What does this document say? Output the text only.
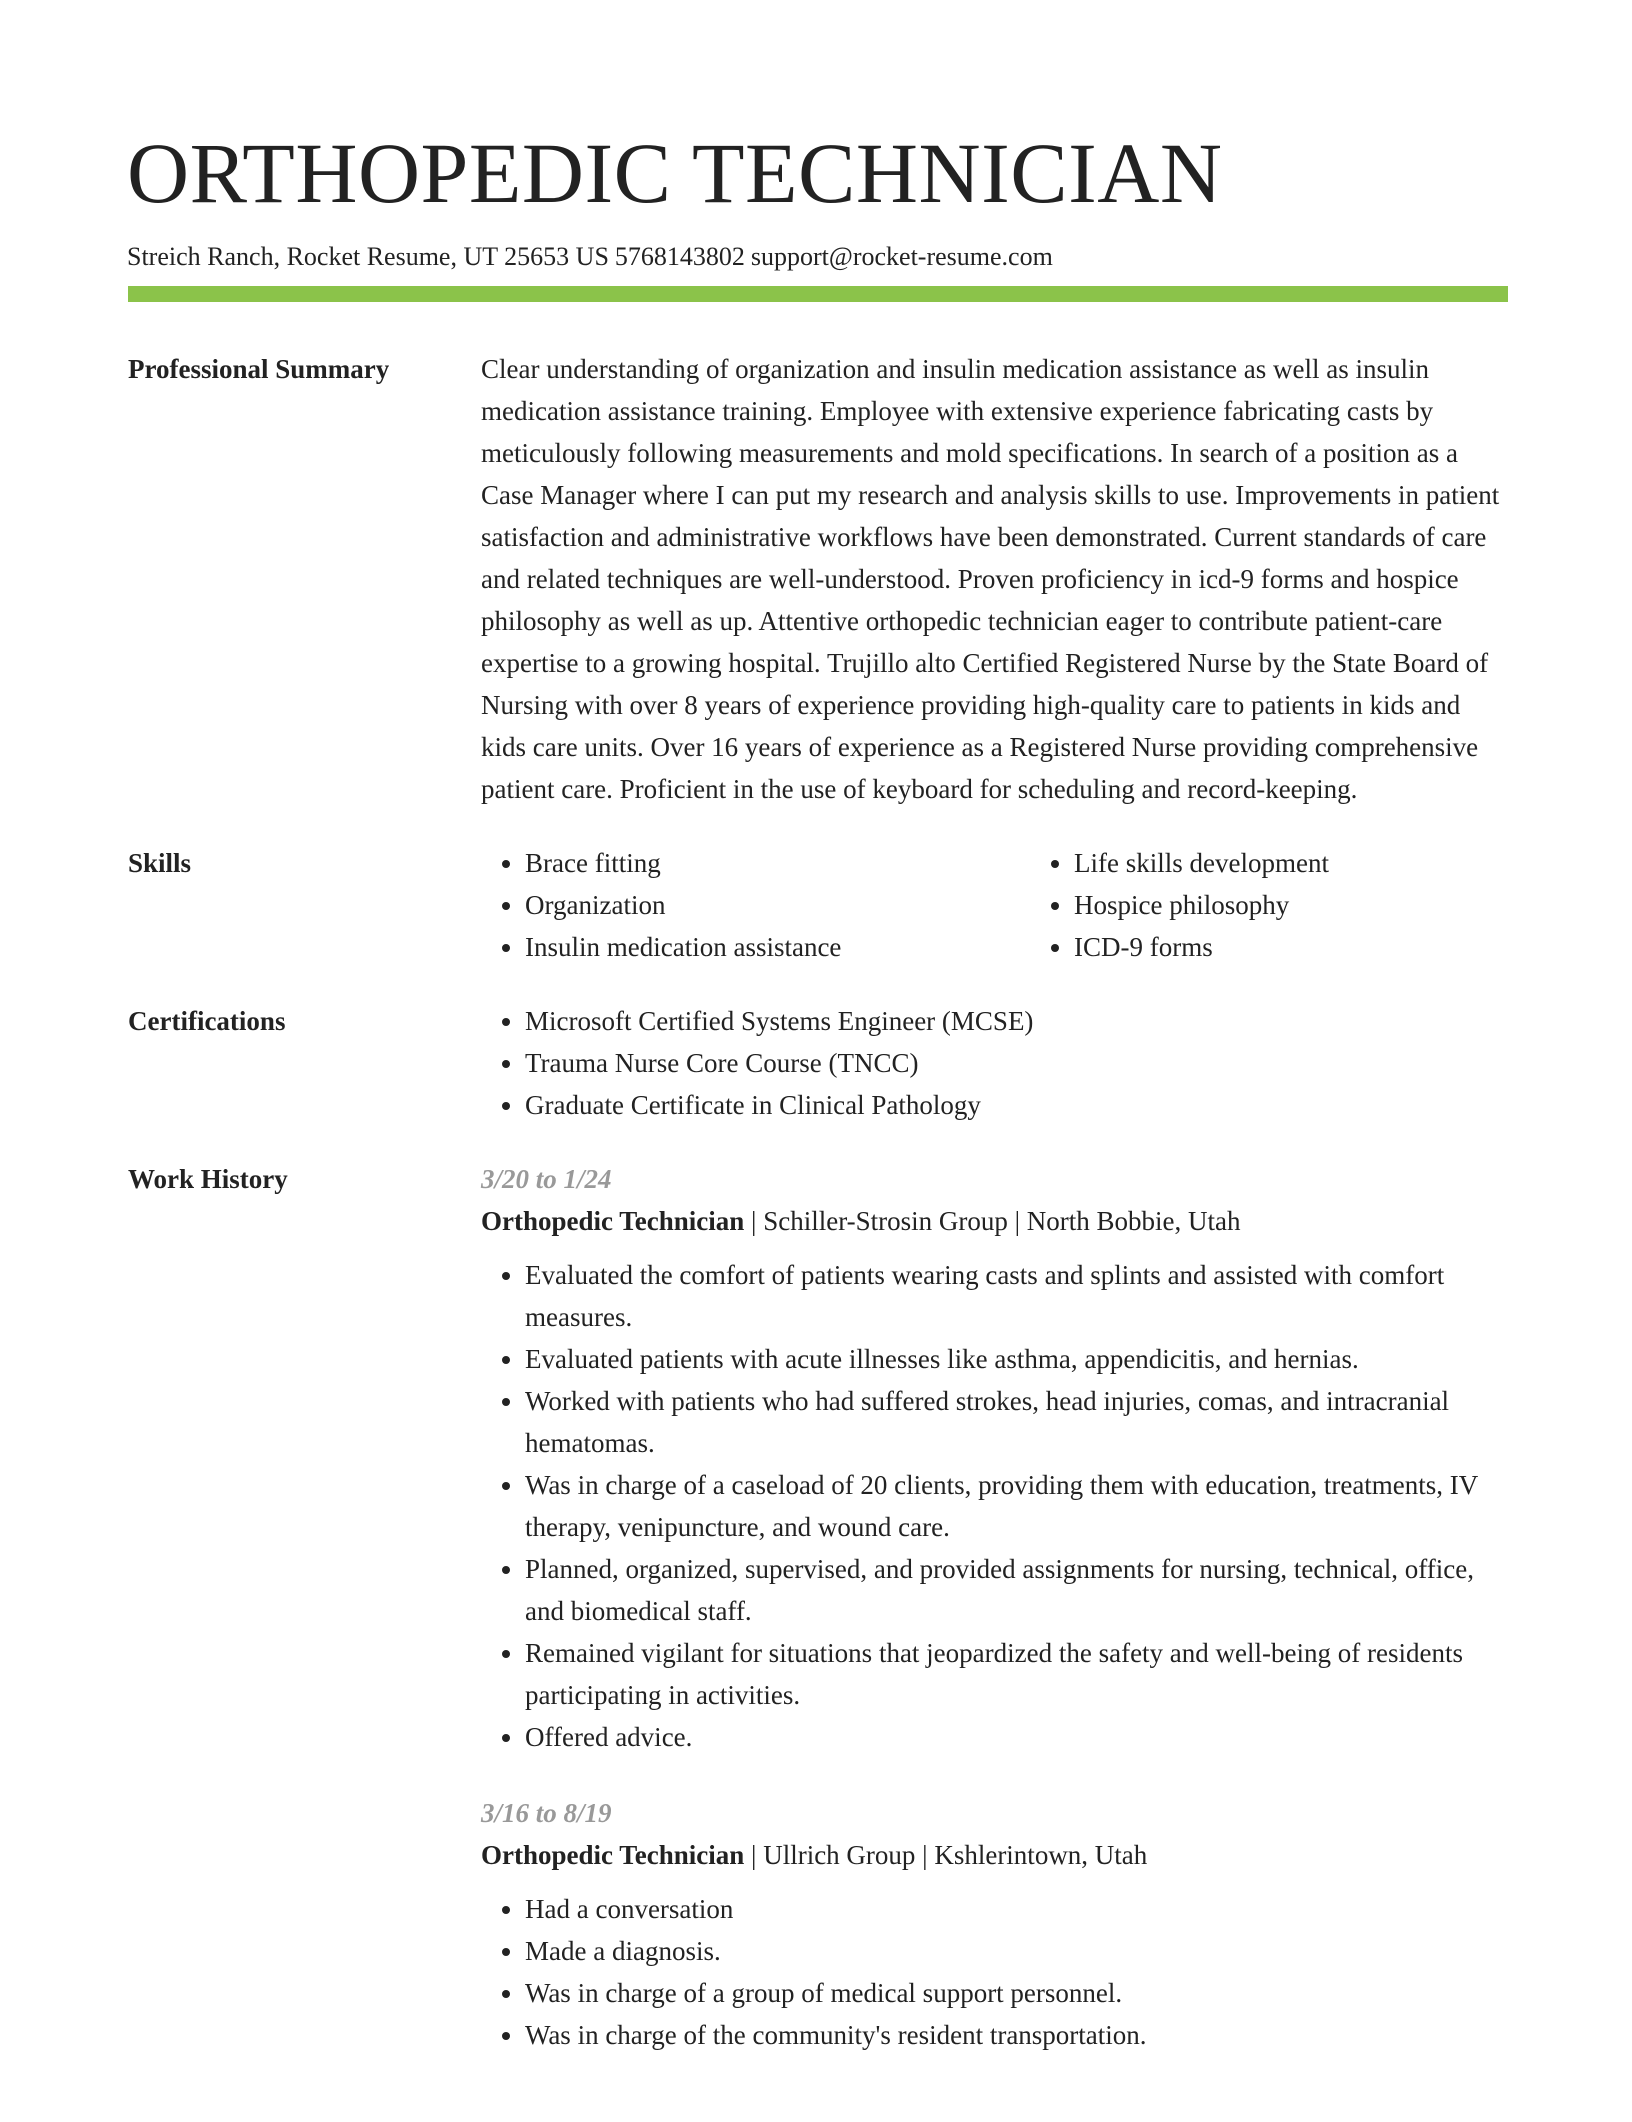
ORTHOPEDIC TECHNICIAN
Streich Ranch, Rocket Resume, UT 25653 US 5768143802 support@rocket-resume.com
Professional Summary	Clear understanding of organization and insulin medication assistance as well as insulin medication assistance training. Employee with extensive experience fabricating casts by meticulously following measurements and mold specifications. In search of a position as a Case Manager where I can put my research and analysis skills to use. Improvements in patient satisfaction and administrative workflows have been demonstrated. Current standards of care and related techniques are well-understood. Proven proficiency in icd-9 forms and hospice philosophy as well as up. Attentive orthopedic technician eager to contribute patient-care expertise to a growing hospital. Trujillo alto Certified Registered Nurse by the State Board of Nursing with over 8 years of experience providing high-quality care to patients in kids and kids care units. Over 16 years of experience as a Registered Nurse providing comprehensive patient care. Proficient in the use of keyboard for scheduling and record-keeping.

Skills	• Brace fitting
• Organization
• Insulin medication assistance
• Life skills development
• Hospice philosophy
• ICD-9 forms
Certifications	• Microsoft Certified Systems Engineer (MCSE)
• Trauma Nurse Core Course (TNCC)
• Graduate Certificate in Clinical Pathology
Work History	3/20 to 1/24
Orthopedic Technician | Schiller-Strosin Group | North Bobbie, Utah
• Evaluated the comfort of patients wearing casts and splints and assisted with comfort measures.
• Evaluated patients with acute illnesses like asthma, appendicitis, and hernias.
• Worked with patients who had suffered strokes, head injuries, comas, and intracranial hematomas.
• Was in charge of a caseload of 20 clients, providing them with education, treatments, IV therapy, venipuncture, and wound care.
• Planned, organized, supervised, and provided assignments for nursing, technical, office, and biomedical staff.
• Remained vigilant for situations that jeopardized the safety and well-being of residents participating in activities.
• Offered advice.
3/16 to 8/19
Orthopedic Technician | Ullrich Group | Kshlerintown, Utah
• Had a conversation
• Made a diagnosis.
• Was in charge of a group of medical support personnel.
• Was in charge of the community's resident transportation.
